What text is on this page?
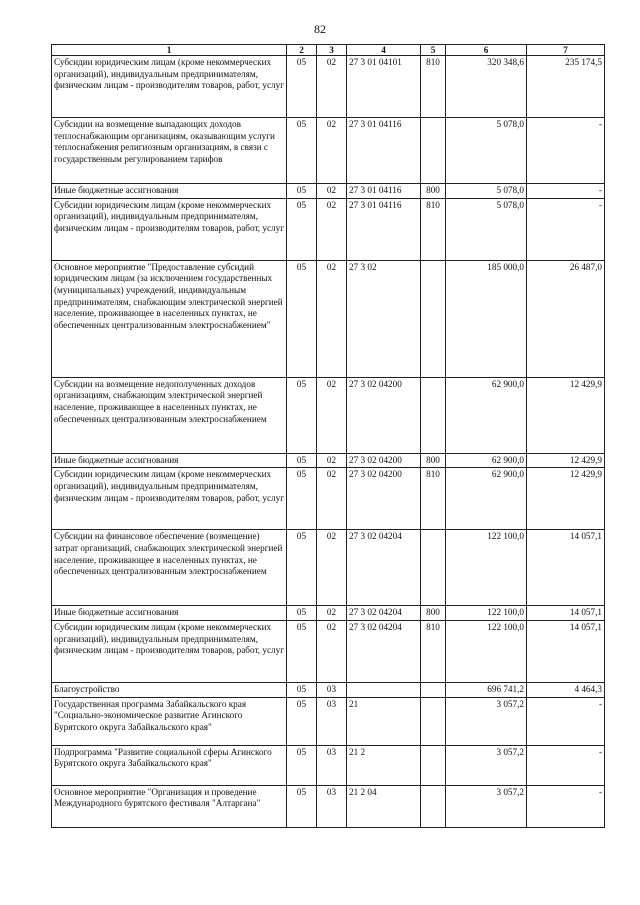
82
1	2	3	4	5	6	7
Субсидии юридическим лицам (кроме некоммерческих организаций), индивидуальным предпринимателям, физическим лицам - производителям товаров, работ, услуг	05	02	27 3 01 04101	810	320 348,6	235 174,5
Субсидии на возмещение выпадающих доходов теплоснабжающим организациям, оказывающим услуги теплоснабжения религиозным организациям, в связи с государственным регулированием тарифов	05	02	27 3 01 04116		5 078,0	-
Иные бюджетные ассигнования	05	02	27 3 01 04116	800	5 078,0	-
Субсидии юридическим лицам (кроме некоммерческих организаций), индивидуальным предпринимателям, физическим лицам - производителям товаров, работ, услуг	05	02	27 3 01 04116	810	5 078,0	-
Основное мероприятие "Предоставление субсидий юридическим лицам (за исключением государственных (муниципальных) учреждений, индивидуальным предпринимателям, снабжающим электрической энергией население, проживающее в населенных пунктах, не обеспеченных централизованным электроснабжением"	05	02	27 3 02		185 000,0	26 487,0
Субсидии на возмещение недополученных доходов организациям, снабжающим электрической энергией население, проживающее в населенных пунктах, не обеспеченных централизованным электроснабжением	05	02	27 3 02 04200		62 900,0	12 429,9
Иные бюджетные ассигнования	05	02	27 3 02 04200	800	62 900,0	12 429,9
Субсидии юридическим лицам (кроме некоммерческих организаций), индивидуальным предпринимателям, физическим лицам - производителям товаров, работ, услуг	05	02	27 3 02 04200	810	62 900,0	12 429,9
Субсидии на финансовое обеспечение (возмещение) затрат организаций, снабжающих электрической энергией население, проживающее в населенных пунктах, не обеспеченных централизованным электроснабжением	05	02	27 3 02 04204		122 100,0	14 057,1
Иные бюджетные ассигнования	05	02	27 3 02 04204	800	122 100,0	14 057,1
Субсидии юридическим лицам (кроме некоммерческих организаций), индивидуальным предпринимателям, физическим лицам - производителям товаров, работ, услуг	05	02	27 3 02 04204	810	122 100,0	14 057,1
Благоустройство	05	03			696 741,2	4 464,3
Государственная программа Забайкальского края "Социально-экономическое развитие Агинского Бурятского округа Забайкальского края"	05	03	21		3 057,2	-
Подпрограмма "Развитие социальной сферы Агинского Бурятского округа Забайкальского края"	05	03	21 2		3 057,2	-
Основное мероприятие "Организация и проведение Международного бурятского фестиваля "Алтаргана"	05	03	21 2 04		3 057,2	-
